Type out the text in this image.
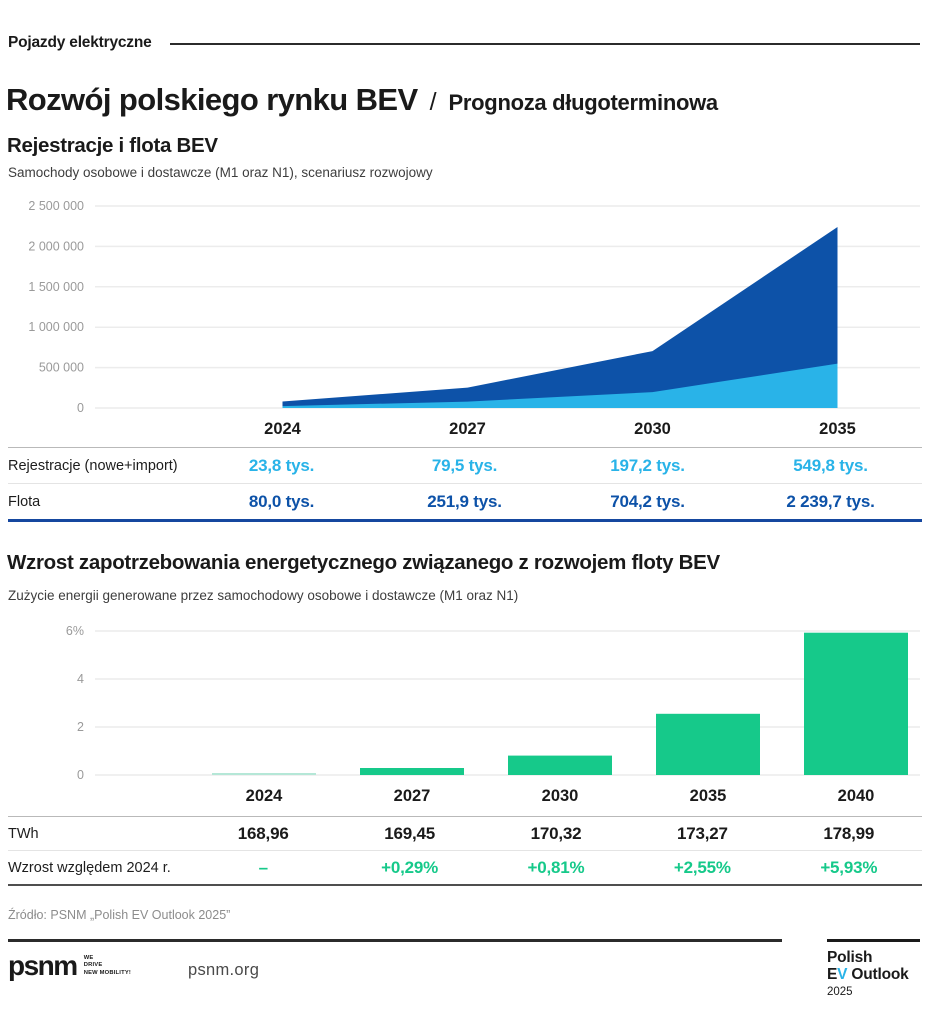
Pojazdy elektryczne
Rozwój polskiego rynku BEV / Prognoza długoterminowa
Rejestracje i flota BEV
Samochody osobowe i dostawcze (M1 oraz N1), scenariusz rozwojowy
0
500 000
1 000 000
1 500 000
2 000 000
2 500 000
2024	2027	2030	2035
Rejestracje (nowe+import)	23,8 tys.	79,5 tys.	197,2 tys.	549,8 tys.
Flota	80,0 tys.	251,9 tys.	704,2 tys.	2 239,7 tys.
Wzrost zapotrzebowania energetycznego związanego z rozwojem floty BEV
Zużycie energii generowane przez samochodowy osobowe i dostawcze (M1 oraz N1)
0
2
4
6%
2024	2027	2030	2035	2040
TWh	168,96	169,45	170,32	173,27	178,99
Wzrost względem 2024 r.	–	+0,29%	+0,81%	+2,55%	+5,93%
Źródło: PSNM „Polish EV Outlook 2025”
psnm WE
DRIVE
NEW MOBILITY!	psnm.org
Polish
EV Outlook
2025
